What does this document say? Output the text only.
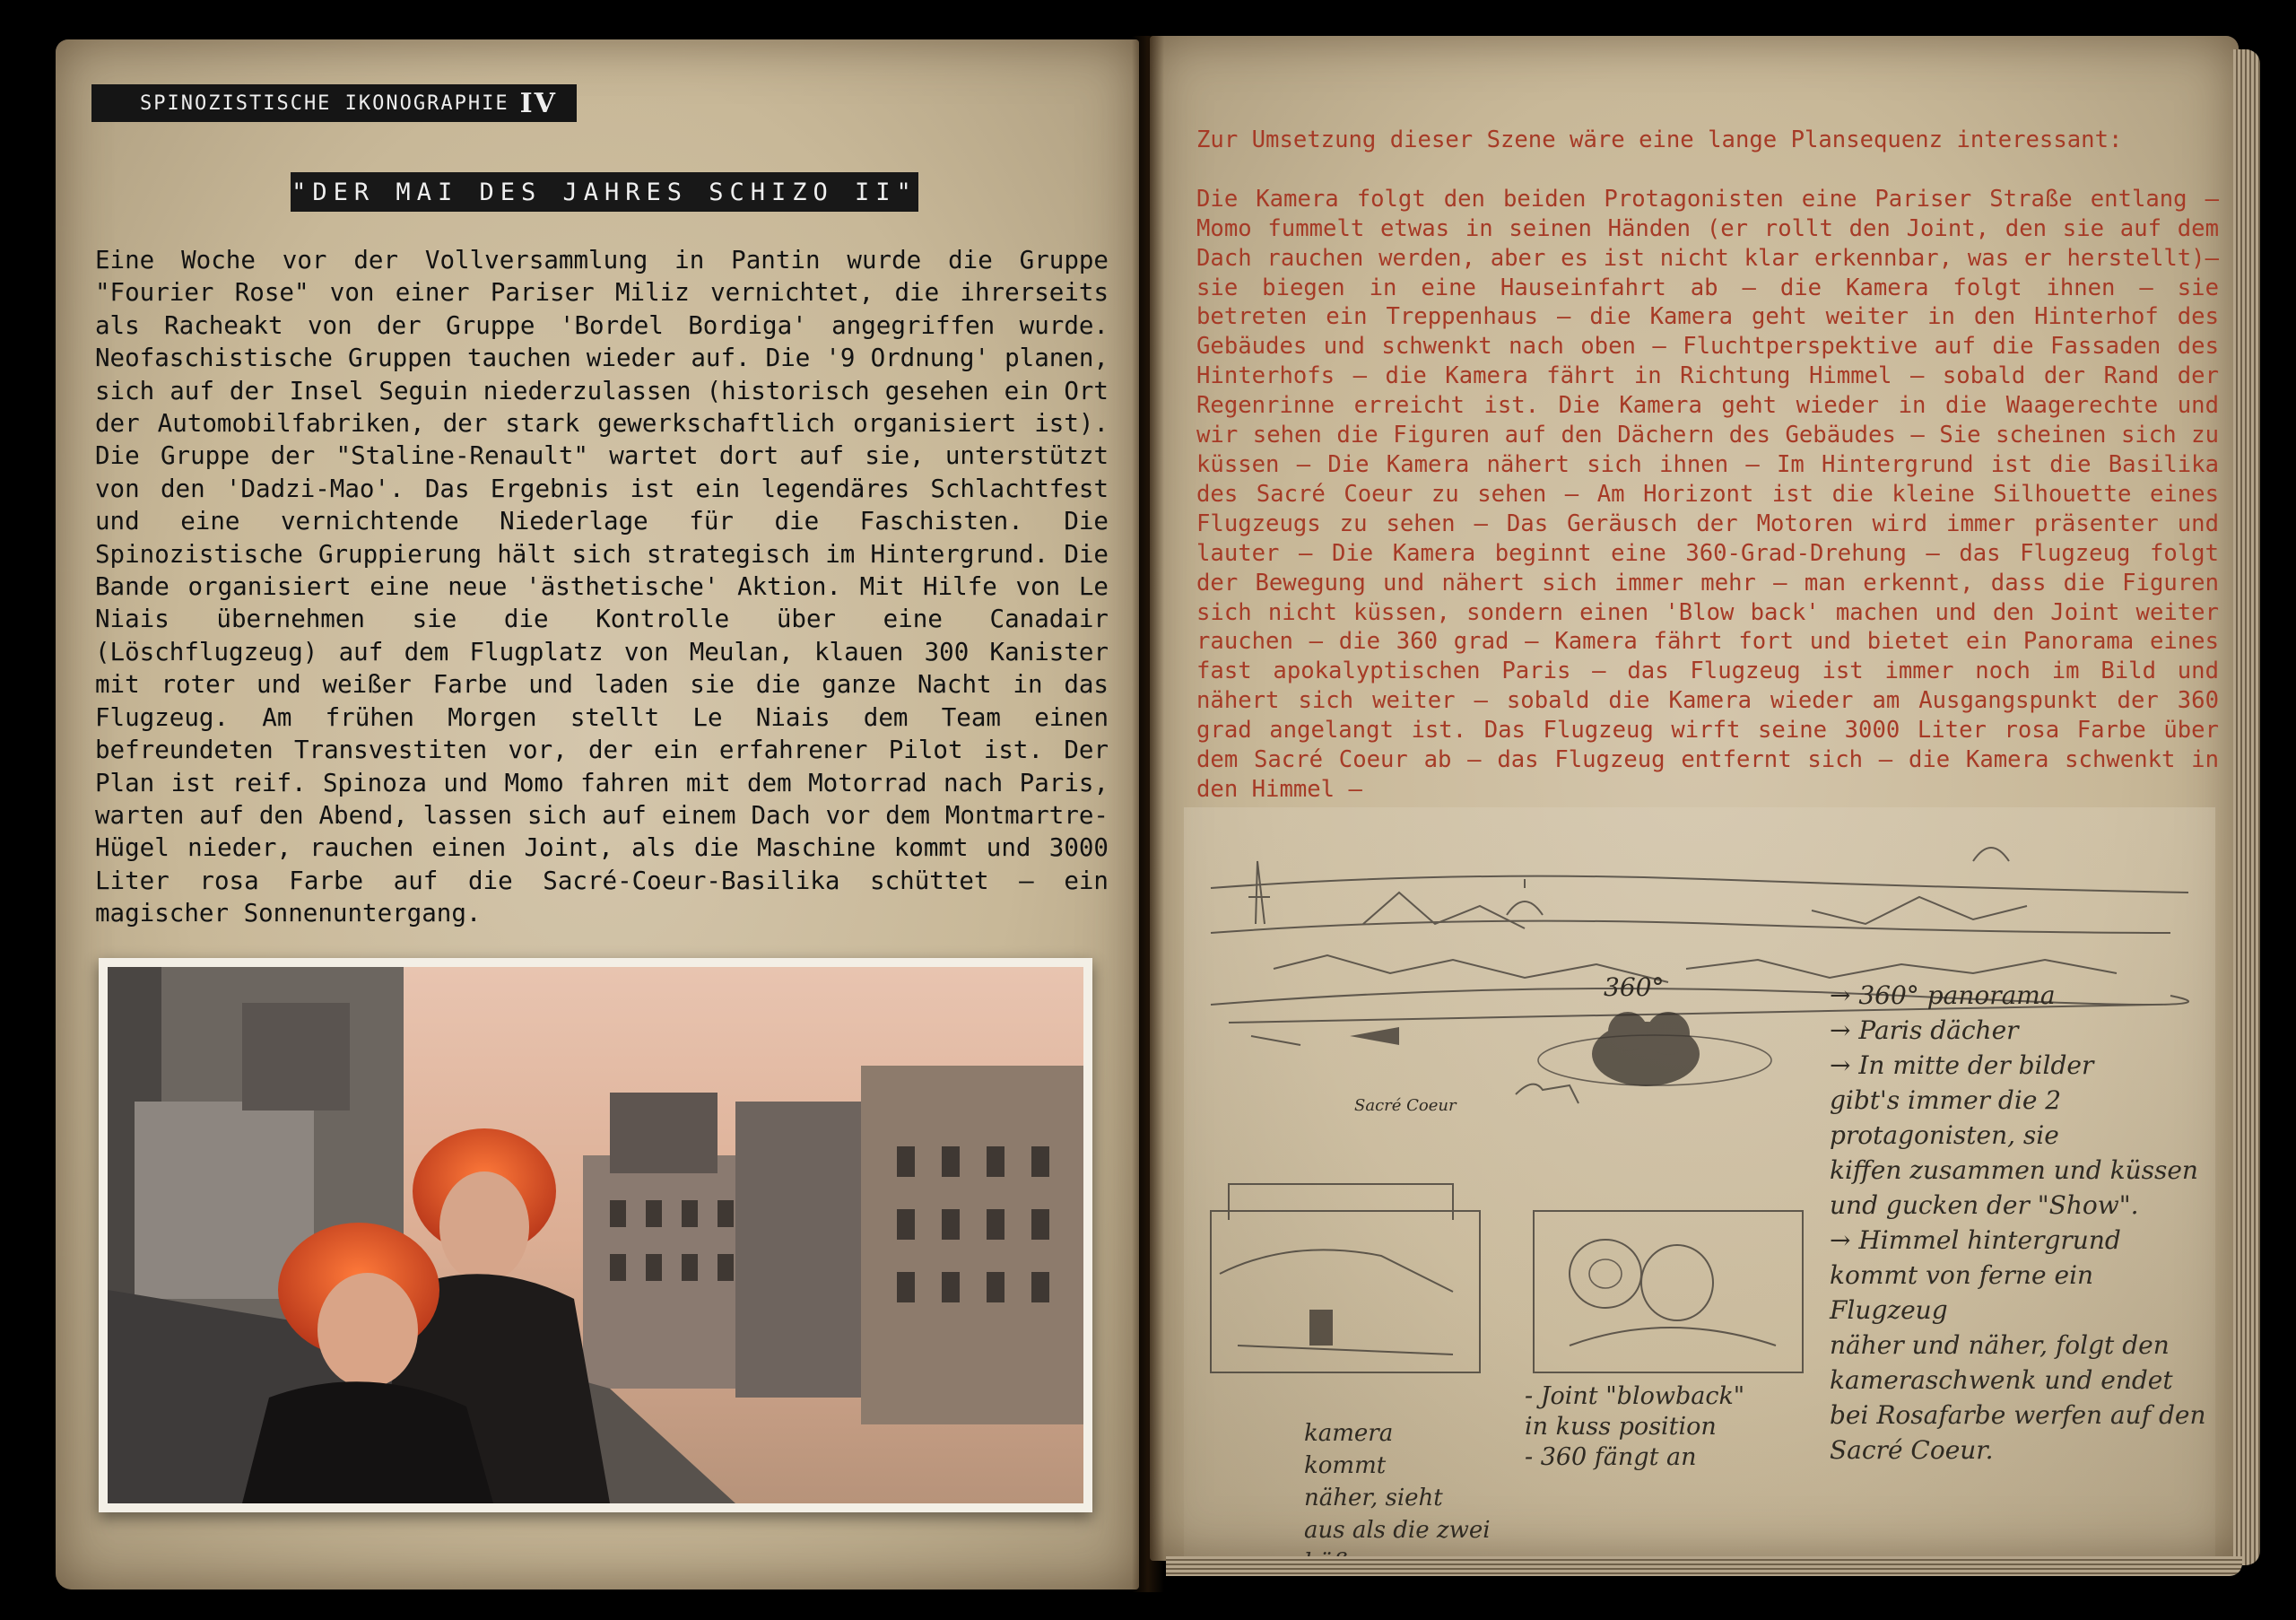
SPINOZISTISCHE IKONOGRAPHIE IV
"DER MAI DES JAHRES SCHIZO II"
Eine Woche vor der Vollversammlung in Pantin wurde die Gruppe "Fourier Rose" von einer Pariser Miliz vernichtet, die ihrerseits als Racheakt von der Gruppe 'Bordel Bordiga' angegriffen wurde. Neofaschistische Gruppen tauchen wieder auf. Die '9 Ordnung' planen, sich auf der Insel Seguin niederzulassen (historisch gesehen ein Ort der Automobilfabriken, der stark gewerkschaftlich organisiert ist). Die Gruppe der "Staline-Renault" wartet dort auf sie, unterstützt von den 'Dadzi-Mao'. Das Ergebnis ist ein legendäres Schlachtfest und eine vernichtende Niederlage für die Faschisten. Die Spinozistische Gruppierung hält sich strategisch im Hintergrund. Die Bande organisiert eine neue 'ästhetische' Aktion. Mit Hilfe von Le Niais übernehmen sie die Kontrolle über eine Canadair (Löschflugzeug) auf dem Flugplatz von Meulan, klauen 300 Kanister mit roter und weißer Farbe und laden sie die ganze Nacht in das Flugzeug. Am frühen Morgen stellt Le Niais dem Team einen befreundeten Transvestiten vor, der ein erfahrener Pilot ist. Der Plan ist reif. Spinoza und Momo fahren mit dem Motorrad nach Paris, warten auf den Abend, lassen sich auf einem Dach vor dem Montmartre-Hügel nieder, rauchen einen Joint, als die Maschine kommt und 3000 Liter rosa Farbe auf die Sacré-Coeur-Basilika schüttet – ein magischer Sonnenuntergang.
Zur Umsetzung dieser Szene wäre eine lange Plansequenz interessant:

Die Kamera folgt den beiden Protagonisten eine Pariser Straße entlang – Momo fummelt etwas in seinen Händen (er rollt den Joint, den sie auf dem Dach rauchen werden, aber es ist nicht klar erkennbar, was er herstellt)– sie biegen in eine Hauseinfahrt ab – die Kamera folgt ihnen – sie betreten ein Treppenhaus – die Kamera geht weiter in den Hinterhof des Gebäudes und schwenkt nach oben – Fluchtperspektive auf die Fassaden des Hinterhofs – die Kamera fährt in Richtung Himmel – sobald der Rand der Regenrinne erreicht ist. Die Kamera geht wieder in die Waagerechte und wir sehen die Figuren auf den Dächern des Gebäudes – Sie scheinen sich zu küssen – Die Kamera nähert sich ihnen – Im Hintergrund ist die Basilika des Sacré Coeur zu sehen – Am Horizont ist die kleine Silhouette eines Flugzeugs zu sehen – Das Geräusch der Motoren wird immer präsenter und lauter – Die Kamera beginnt eine 360-Grad-Drehung – das Flugzeug folgt der Bewegung und nähert sich immer mehr – man erkennt, dass die Figuren sich nicht küssen, sondern einen 'Blow back' machen und den Joint weiter rauchen – die 360 grad – Kamera fährt fort und bietet ein Panorama eines fast apokalyptischen Paris – das Flugzeug ist immer noch im Bild und nähert sich weiter – sobald die Kamera wieder am Ausgangspunkt der 360 grad angelangt ist. Das Flugzeug wirft seine 3000 Liter rosa Farbe über dem Sacré Coeur ab – das Flugzeug entfernt sich – die Kamera schwenkt in den Himmel –
360°
Sacré Coeur
→ 360° panorama
→ Paris dächer
→ In mitte der bilder
gibt's immer die 2
protagonisten, sie
kiffen zusammen und küssen
und gucken der "Show".
→ Himmel hintergrund
kommt von ferne ein Flugzeug
näher und näher, folgt den
kameraschwenk und endet
bei Rosafarbe werfen auf den
Sacré Coeur.
kamera
kommt
näher, sieht
aus als die zwei

- Joint "blowback"
in kuss position
- 360 fängt an
